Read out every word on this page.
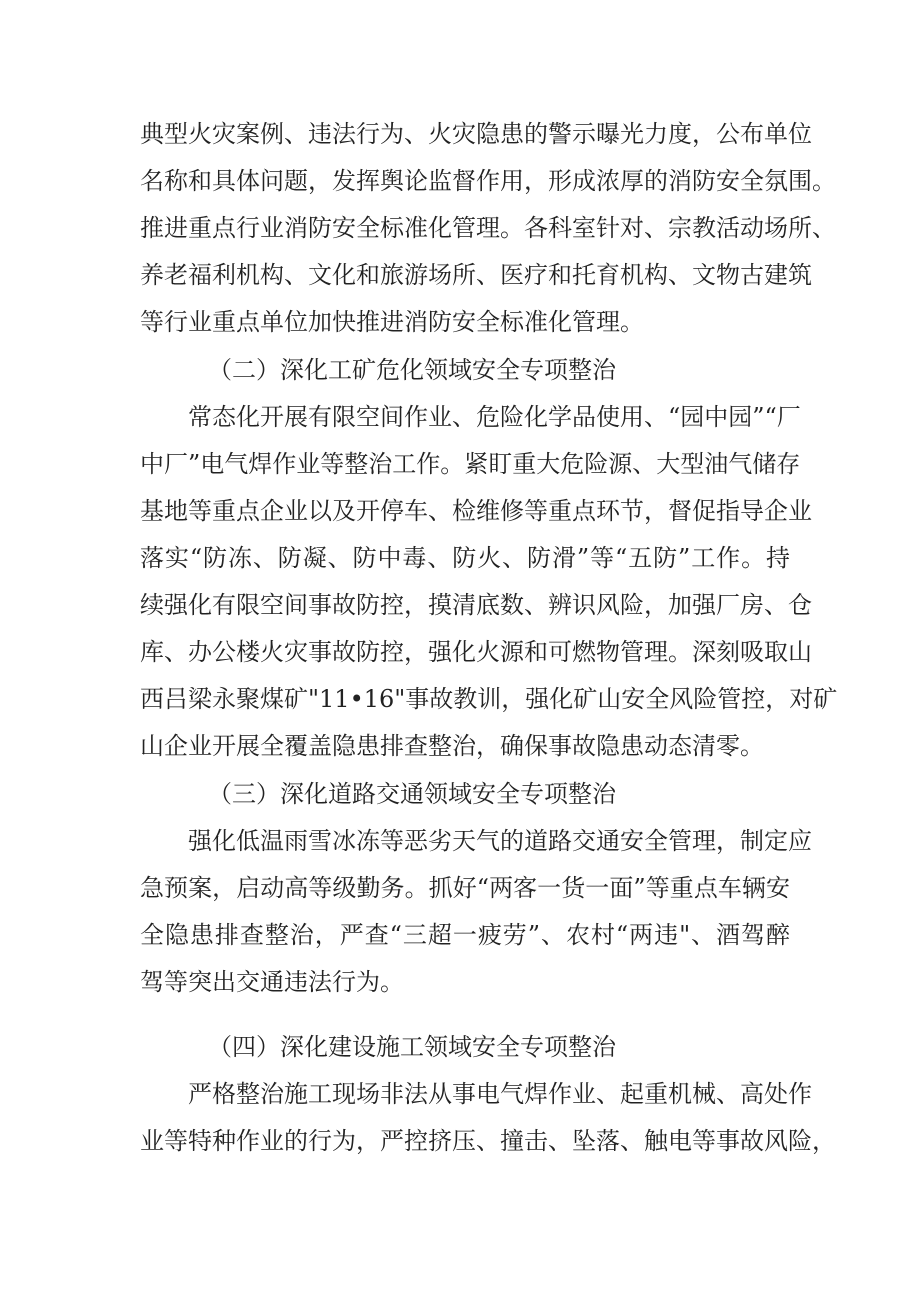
典型火灾案例、违法行为、火灾隐患的警示曝光力度，公布单位
名称和具体问题，发挥舆论监督作用，形成浓厚的消防安全氛围。
推进重点行业消防安全标准化管理。各科室针对、宗教活动场所、
养老福利机构、文化和旅游场所、医疗和托育机构、文物古建筑
等行业重点单位加快推进消防安全标准化管理。
（二）深化工矿危化领域安全专项整治
常态化开展有限空间作业、危险化学品使用、“园中园”“厂
中厂”电气焊作业等整治工作。紧盯重大危险源、大型油气储存
基地等重点企业以及开停车、检维修等重点环节，督促指导企业
落实“防冻、防凝、防中毒、防火、防滑”等“五防”工作。持
续强化有限空间事故防控，摸清底数、辨识风险，加强厂房、仓
库、办公楼火灾事故防控，强化火源和可燃物管理。深刻吸取山
西吕梁永聚煤矿"11•16"事故教训，强化矿山安全风险管控，对矿
山企业开展全覆盖隐患排查整治，确保事故隐患动态清零。
（三）深化道路交通领域安全专项整治
强化低温雨雪冰冻等恶劣天气的道路交通安全管理，制定应
急预案，启动高等级勤务。抓好“两客一货一面”等重点车辆安
全隐患排查整治，严查“三超一疲劳”、农村“两违"、酒驾醉
驾等突出交通违法行为。
（四）深化建设施工领域安全专项整治
严格整治施工现场非法从事电气焊作业、起重机械、高处作
业等特种作业的行为，严控挤压、撞击、坠落、触电等事故风险，
